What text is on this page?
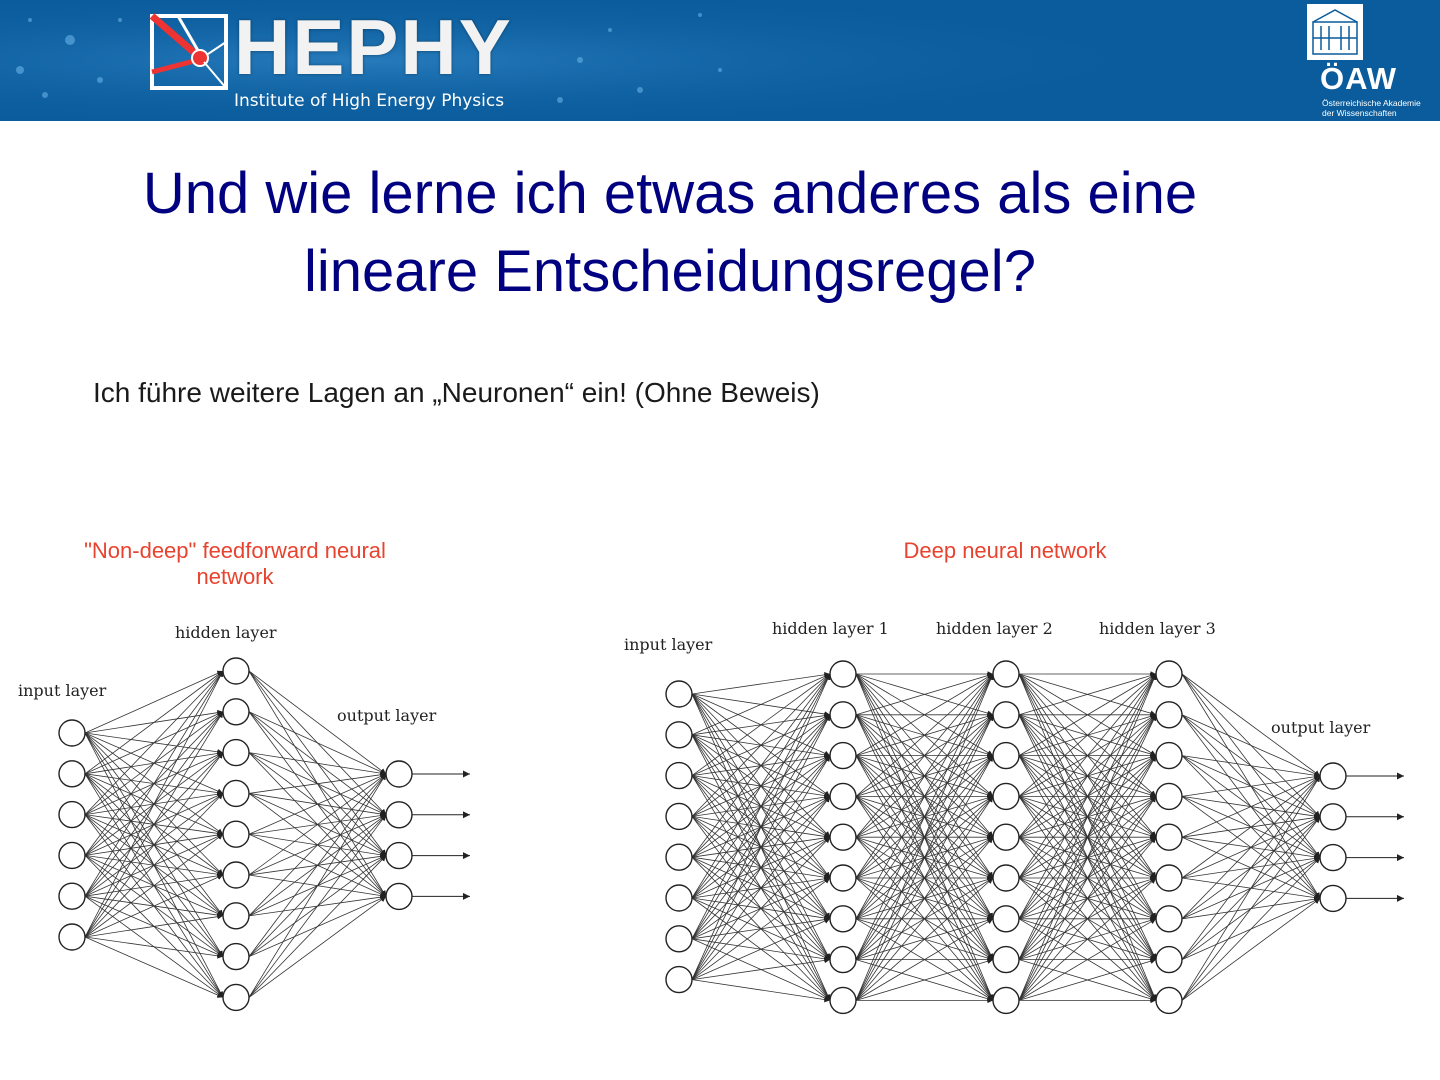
HEPHY
Institute of High Energy Physics
ÖAW
Österreichische Akademie
der Wissenschaften
Und wie lerne ich etwas anderes als eine lineare Entscheidungsregel?

Ich führe weitere Lagen an „Neuronen“ ein! (Ohne Beweis)

"Non-deep" feedforward neural network
Deep neural network
input layer
hidden layer
output layer
input layer
hidden layer 1	hidden layer 2	hidden layer 3
output layer
